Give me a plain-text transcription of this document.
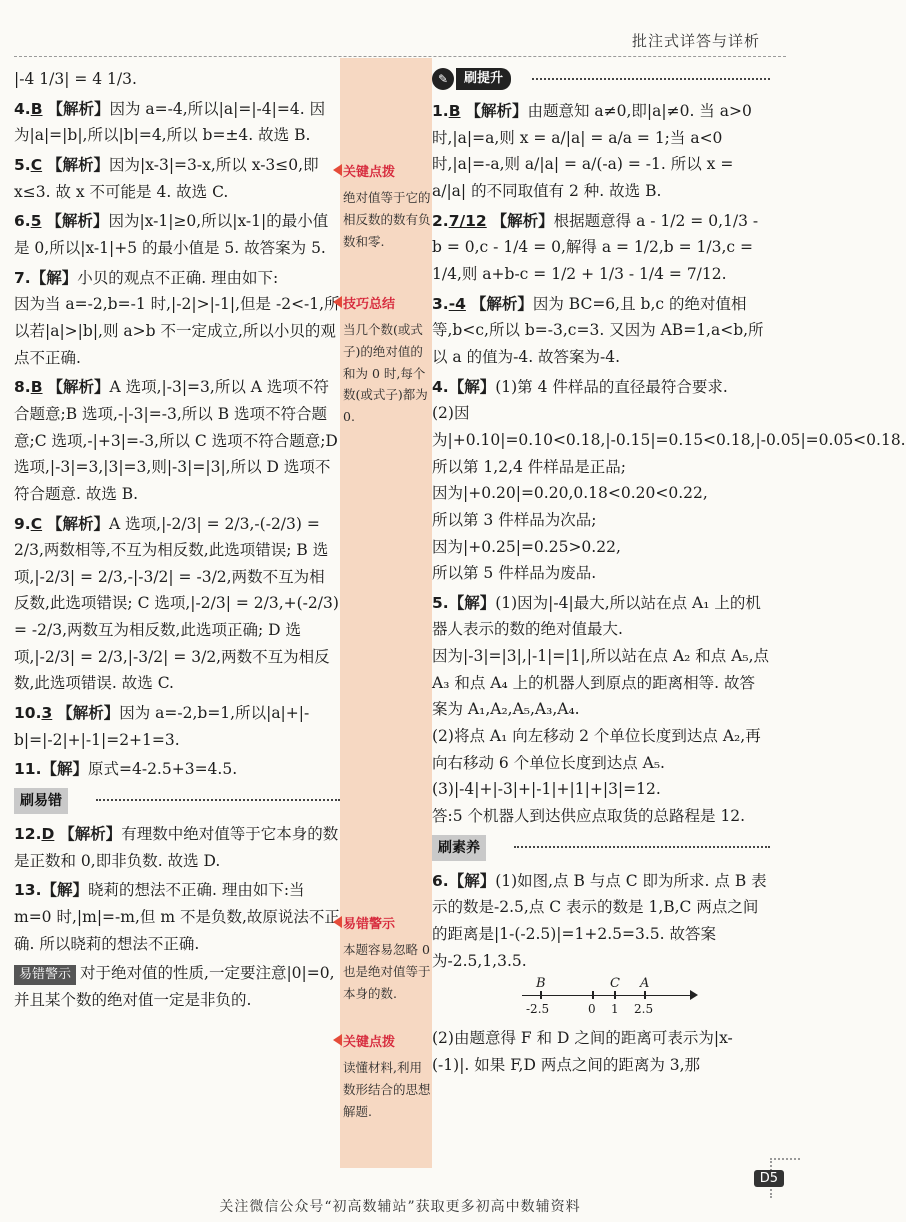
批注式详答与详析
|-4 1/3| = 4 1/3.
4.B 【解析】因为 a=-4,所以|a|=|-4|=4. 因为|a|=|b|,所以|b|=4,所以 b=±4. 故选 B.
5.C 【解析】因为|x-3|=3-x,所以 x-3≤0,即 x≤3. 故 x 不可能是 4. 故选 C.
6.5 【解析】因为|x-1|≥0,所以|x-1|的最小值是 0,所以|x-1|+5 的最小值是 5. 故答案为 5.
7.【解】小贝的观点不正确. 理由如下:
因为当 a=-2,b=-1 时,|-2|>|-1|,但是 -2<-1,所以若|a|>|b|,则 a>b 不一定成立,所以小贝的观点不正确.
8.B 【解析】A 选项,|-3|=3,所以 A 选项不符合题意;B 选项,-|-3|=-3,所以 B 选项不符合题意;C 选项,-|+3|=-3,所以 C 选项不符合题意;D 选项,|-3|=3,|3|=3,则|-3|=|3|,所以 D 选项不符合题意. 故选 B.
9.C 【解析】A 选项,|-2/3| = 2/3,-(-2/3) = 2/3,两数相等,不互为相反数,此选项错误; B 选项,|-2/3| = 2/3,-|-3/2| = -3/2,两数不互为相反数,此选项错误; C 选项,|-2/3| = 2/3,+(-2/3) = -2/3,两数互为相反数,此选项正确; D 选项,|-2/3| = 2/3,|-3/2| = 3/2,两数不互为相反数,此选项错误. 故选 C.
10.3 【解析】因为 a=-2,b=1,所以|a|+|-b|=|-2|+|-1|=2+1=3.
11.【解】原式=4-2.5+3=4.5.
刷易错
12.D 【解析】有理数中绝对值等于它本身的数是正数和 0,即非负数. 故选 D.
13.【解】晓莉的想法不正确. 理由如下:当 m=0 时,|m|=-m,但 m 不是负数,故原说法不正确. 所以晓莉的想法不正确.
易错警示 对于绝对值的性质,一定要注意|0|=0,并且某个数的绝对值一定是非负的.
关键点拨
绝对值等于它的相反数的数有负数和零.
技巧总结
当几个数(或式子)的绝对值的和为 0 时,每个数(或式子)都为 0.
易错警示
本题容易忽略 0 也是绝对值等于本身的数.
关键点拨
读懂材料,利用数形结合的思想解题.
✎	刷提升
1.B 【解析】由题意知 a≠0,即|a|≠0. 当 a>0 时,|a|=a,则 x = a/|a| = a/a = 1;当 a<0 时,|a|=-a,则 a/|a| = a/(-a) = -1. 所以 x = a/|a| 的不同取值有 2 种. 故选 B.
2.7/12 【解析】根据题意得 a - 1/2 = 0,1/3 - b = 0,c - 1/4 = 0,解得 a = 1/2,b = 1/3,c = 1/4,则 a+b-c = 1/2 + 1/3 - 1/4 = 7/12.
3.-4 【解析】因为 BC=6,且 b,c 的绝对值相等,b<c,所以 b=-3,c=3. 又因为 AB=1,a<b,所以 a 的值为-4. 故答案为-4.
4.【解】(1)第 4 件样品的直径最符合要求.
(2)因为|+0.10|=0.10<0.18,|-0.15|=0.15<0.18,|-0.05|=0.05<0.18.
所以第 1,2,4 件样品是正品;
因为|+0.20|=0.20,0.18<0.20<0.22,
所以第 3 件样品为次品;
因为|+0.25|=0.25>0.22,
所以第 5 件样品为废品.
5.【解】(1)因为|-4|最大,所以站在点 A₁ 上的机器人表示的数的绝对值最大.
因为|-3|=|3|,|-1|=|1|,所以站在点 A₂ 和点 A₅,点 A₃ 和点 A₄ 上的机器人到原点的距离相等. 故答案为 A₁,A₂,A₅,A₃,A₄.
(2)将点 A₁ 向左移动 2 个单位长度到达点 A₂,再向右移动 6 个单位长度到达点 A₅.
(3)|-4|+|-3|+|-1|+|1|+|3|=12.
答:5 个机器人到达供应点取货的总路程是 12.
刷素养
6.【解】(1)如图,点 B 与点 C 即为所求. 点 B 表示的数是-2.5,点 C 表示的数是 1,B,C 两点之间的距离是|1-(-2.5)|=1+2.5=3.5. 故答案为-2.5,1,3.5.
B	C A
-2.5	0 1 2.5
(2)由题意得 F 和 D 之间的距离可表示为|x-(-1)|. 如果 F,D 两点之间的距离为 3,那
D5
关注微信公众号“初高数辅站”获取更多初高中数辅资料
